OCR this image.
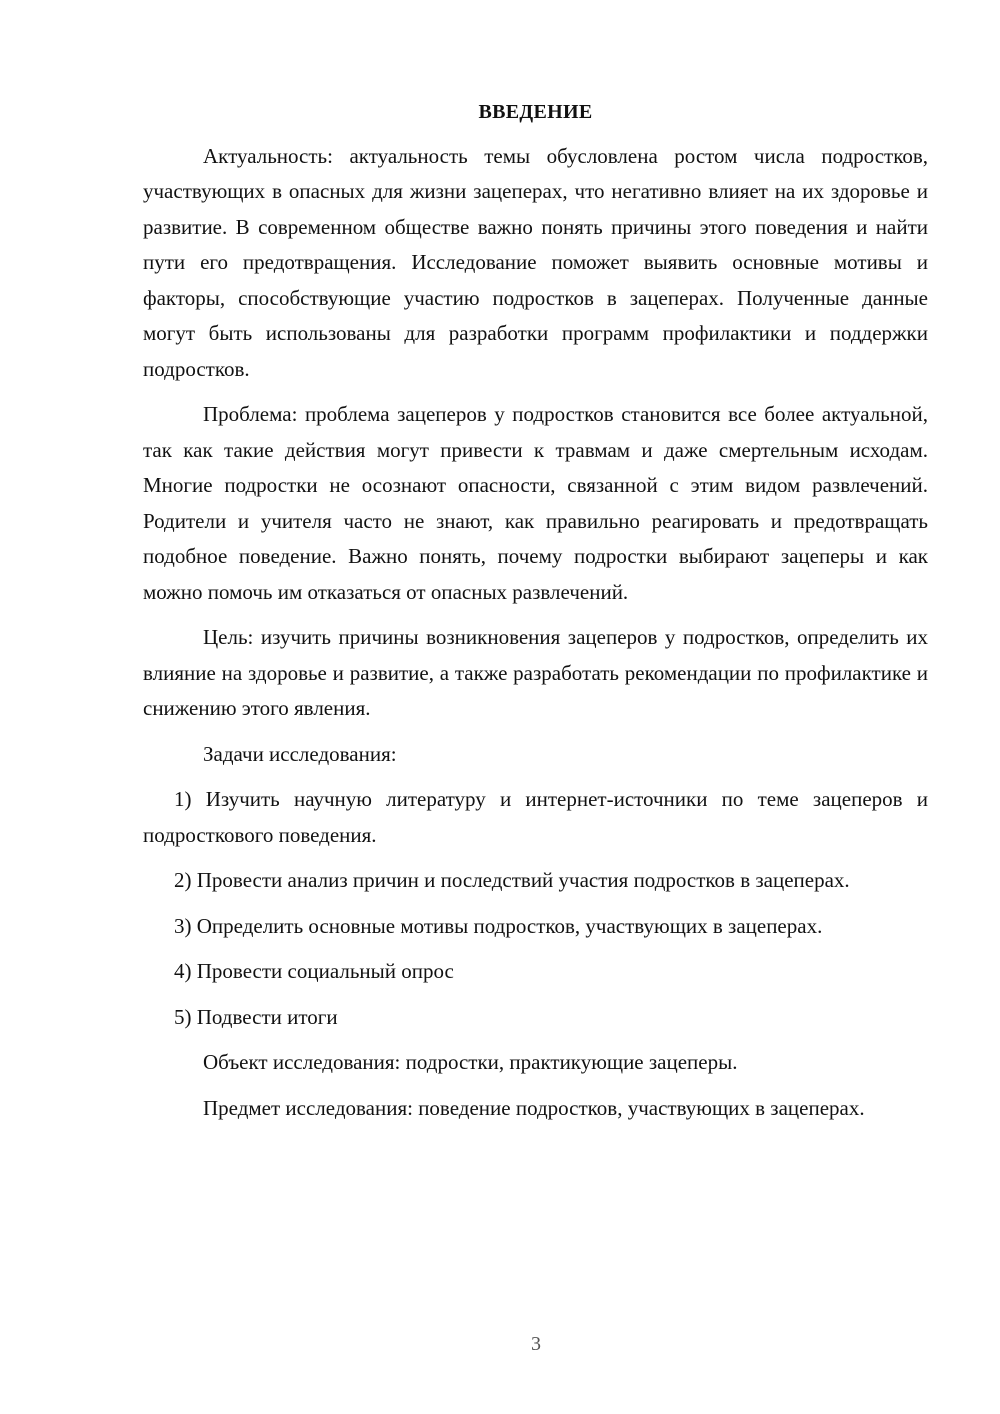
ВВЕДЕНИЕ

Актуальность: актуальность темы обусловлена ростом числа подростков, участвующих в опасных для жизни зацеперах, что негативно влияет на их здоровье и развитие. В современном обществе важно понять причины этого поведения и найти пути его предотвращения. Исследование поможет выявить основные мотивы и факторы, способствующие участию подростков в зацеперах. Полученные данные могут быть использованы для разработки программ профилактики и поддержки подростков.

Проблема: проблема зацеперов у подростков становится все более актуальной, так как такие действия могут привести к травмам и даже смертельным исходам. Многие подростки не осознают опасности, связанной с этим видом развлечений. Родители и учителя часто не знают, как правильно реагировать и предотвращать подобное поведение. Важно понять, почему подростки выбирают зацеперы и как можно помочь им отказаться от опасных развлечений.

Цель: изучить причины возникновения зацеперов у подростков, определить их влияние на здоровье и развитие, а также разработать рекомендации по профилактике и снижению этого явления.

Задачи исследования:

1) Изучить научную литературу и интернет-источники по теме зацеперов и подросткового поведения.

2) Провести анализ причин и последствий участия подростков в зацеперах.

3) Определить основные мотивы подростков, участвующих в зацеперах.

4) Провести социальный опрос

5) Подвести итоги

Объект исследования: подростки, практикующие зацеперы.

Предмет исследования: поведение подростков, участвующих в зацеперах.

3
